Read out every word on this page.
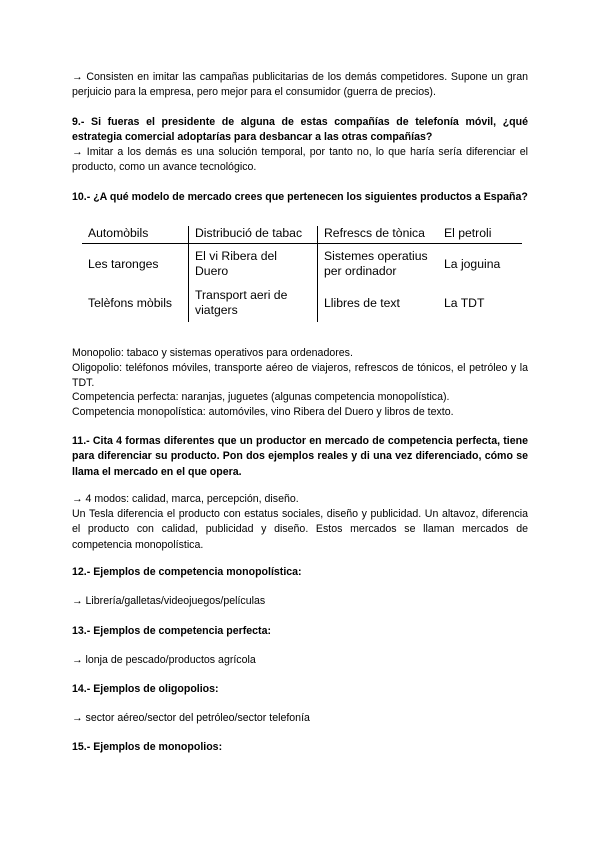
→ Consisten en imitar las campañas publicitarias de los demás competidores. Supone un gran perjuicio para la empresa, pero mejor para el consumidor (guerra de precios).

9.- Si fueras el presidente de alguna de estas compañías de telefonía móvil, ¿qué estrategia comercial adoptarías para desbancar a las otras compañías?

→ Imitar a los demás es una solución temporal, por tanto no, lo que haría sería diferenciar el producto, como un avance tecnológico.

10.- ¿A qué modelo de mercado crees que pertenecen los siguientes productos a España?

Automòbils	Distribució de tabac	Refrescs de tònica	El petroli
Les taronges	El vi Ribera del Duero	Sistemes operatius per ordinador	La joguina
Telèfons mòbils	Transport aeri de viatgers	Llibres de text	La TDT

Monopolio: tabaco y sistemas operativos para ordenadores.

Oligopolio: teléfonos móviles, transporte aéreo de viajeros, refrescos de tónicos, el petróleo y la TDT.

Competencia perfecta: naranjas, juguetes (algunas competencia monopolística).

Competencia monopolística: automóviles, vino Ribera del Duero y libros de texto.

11.- Cita 4 formas diferentes que un productor en mercado de competencia perfecta, tiene para diferenciar su producto. Pon dos ejemplos reales y di una vez diferenciado, cómo se llama el mercado en el que opera.

→ 4 modos: calidad, marca, percepción, diseño.

Un Tesla diferencia el producto con estatus sociales, diseño y publicidad. Un altavoz, diferencia el producto con calidad, publicidad y diseño. Estos mercados se llaman mercados de competencia monopolística.

12.- Ejemplos de competencia monopolística:

→ Librería/galletas/videojuegos/películas

13.- Ejemplos de competencia perfecta:

→ lonja de pescado/productos agrícola

14.- Ejemplos de oligopolios:

→ sector aéreo/sector del petróleo/sector telefonía

15.- Ejemplos de monopolios:
